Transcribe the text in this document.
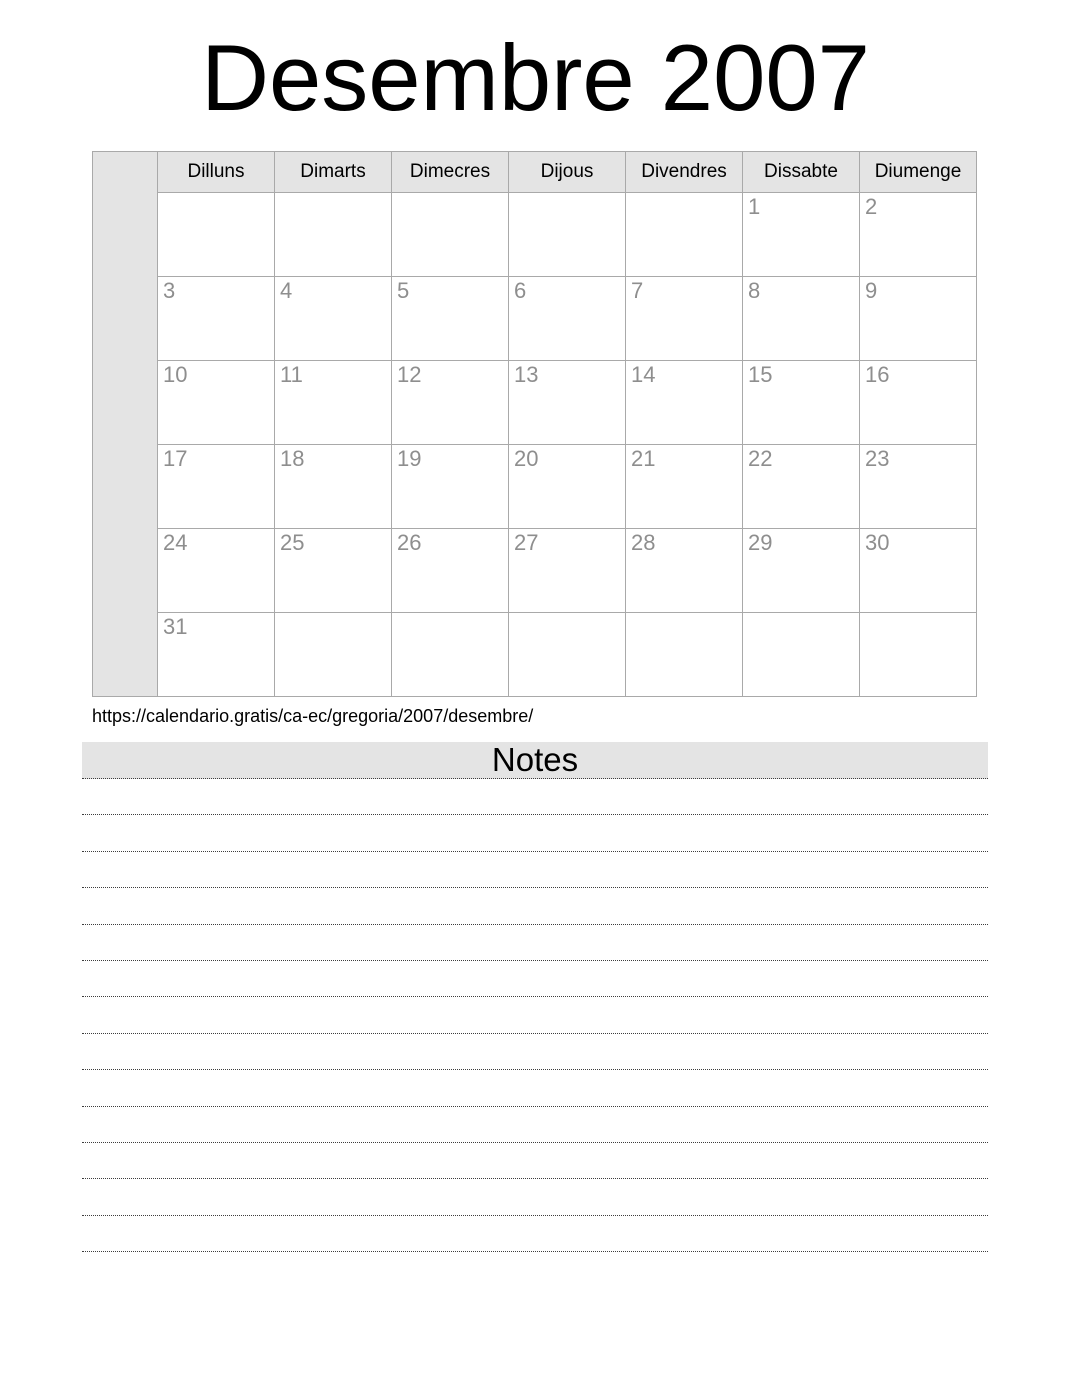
Desembre 2007
	Dilluns	Dimarts	Dimecres	Dijous	Divendres	Dissabte	Diumenge
						1	2
	3	4	5	6	7	8	9
	10	11	12	13	14	15	16
	17	18	19	20	21	22	23
	24	25	26	27	28	29	30
	31						
https://calendario.gratis/ca-ec/gregoria/2007/desembre/
Notes
